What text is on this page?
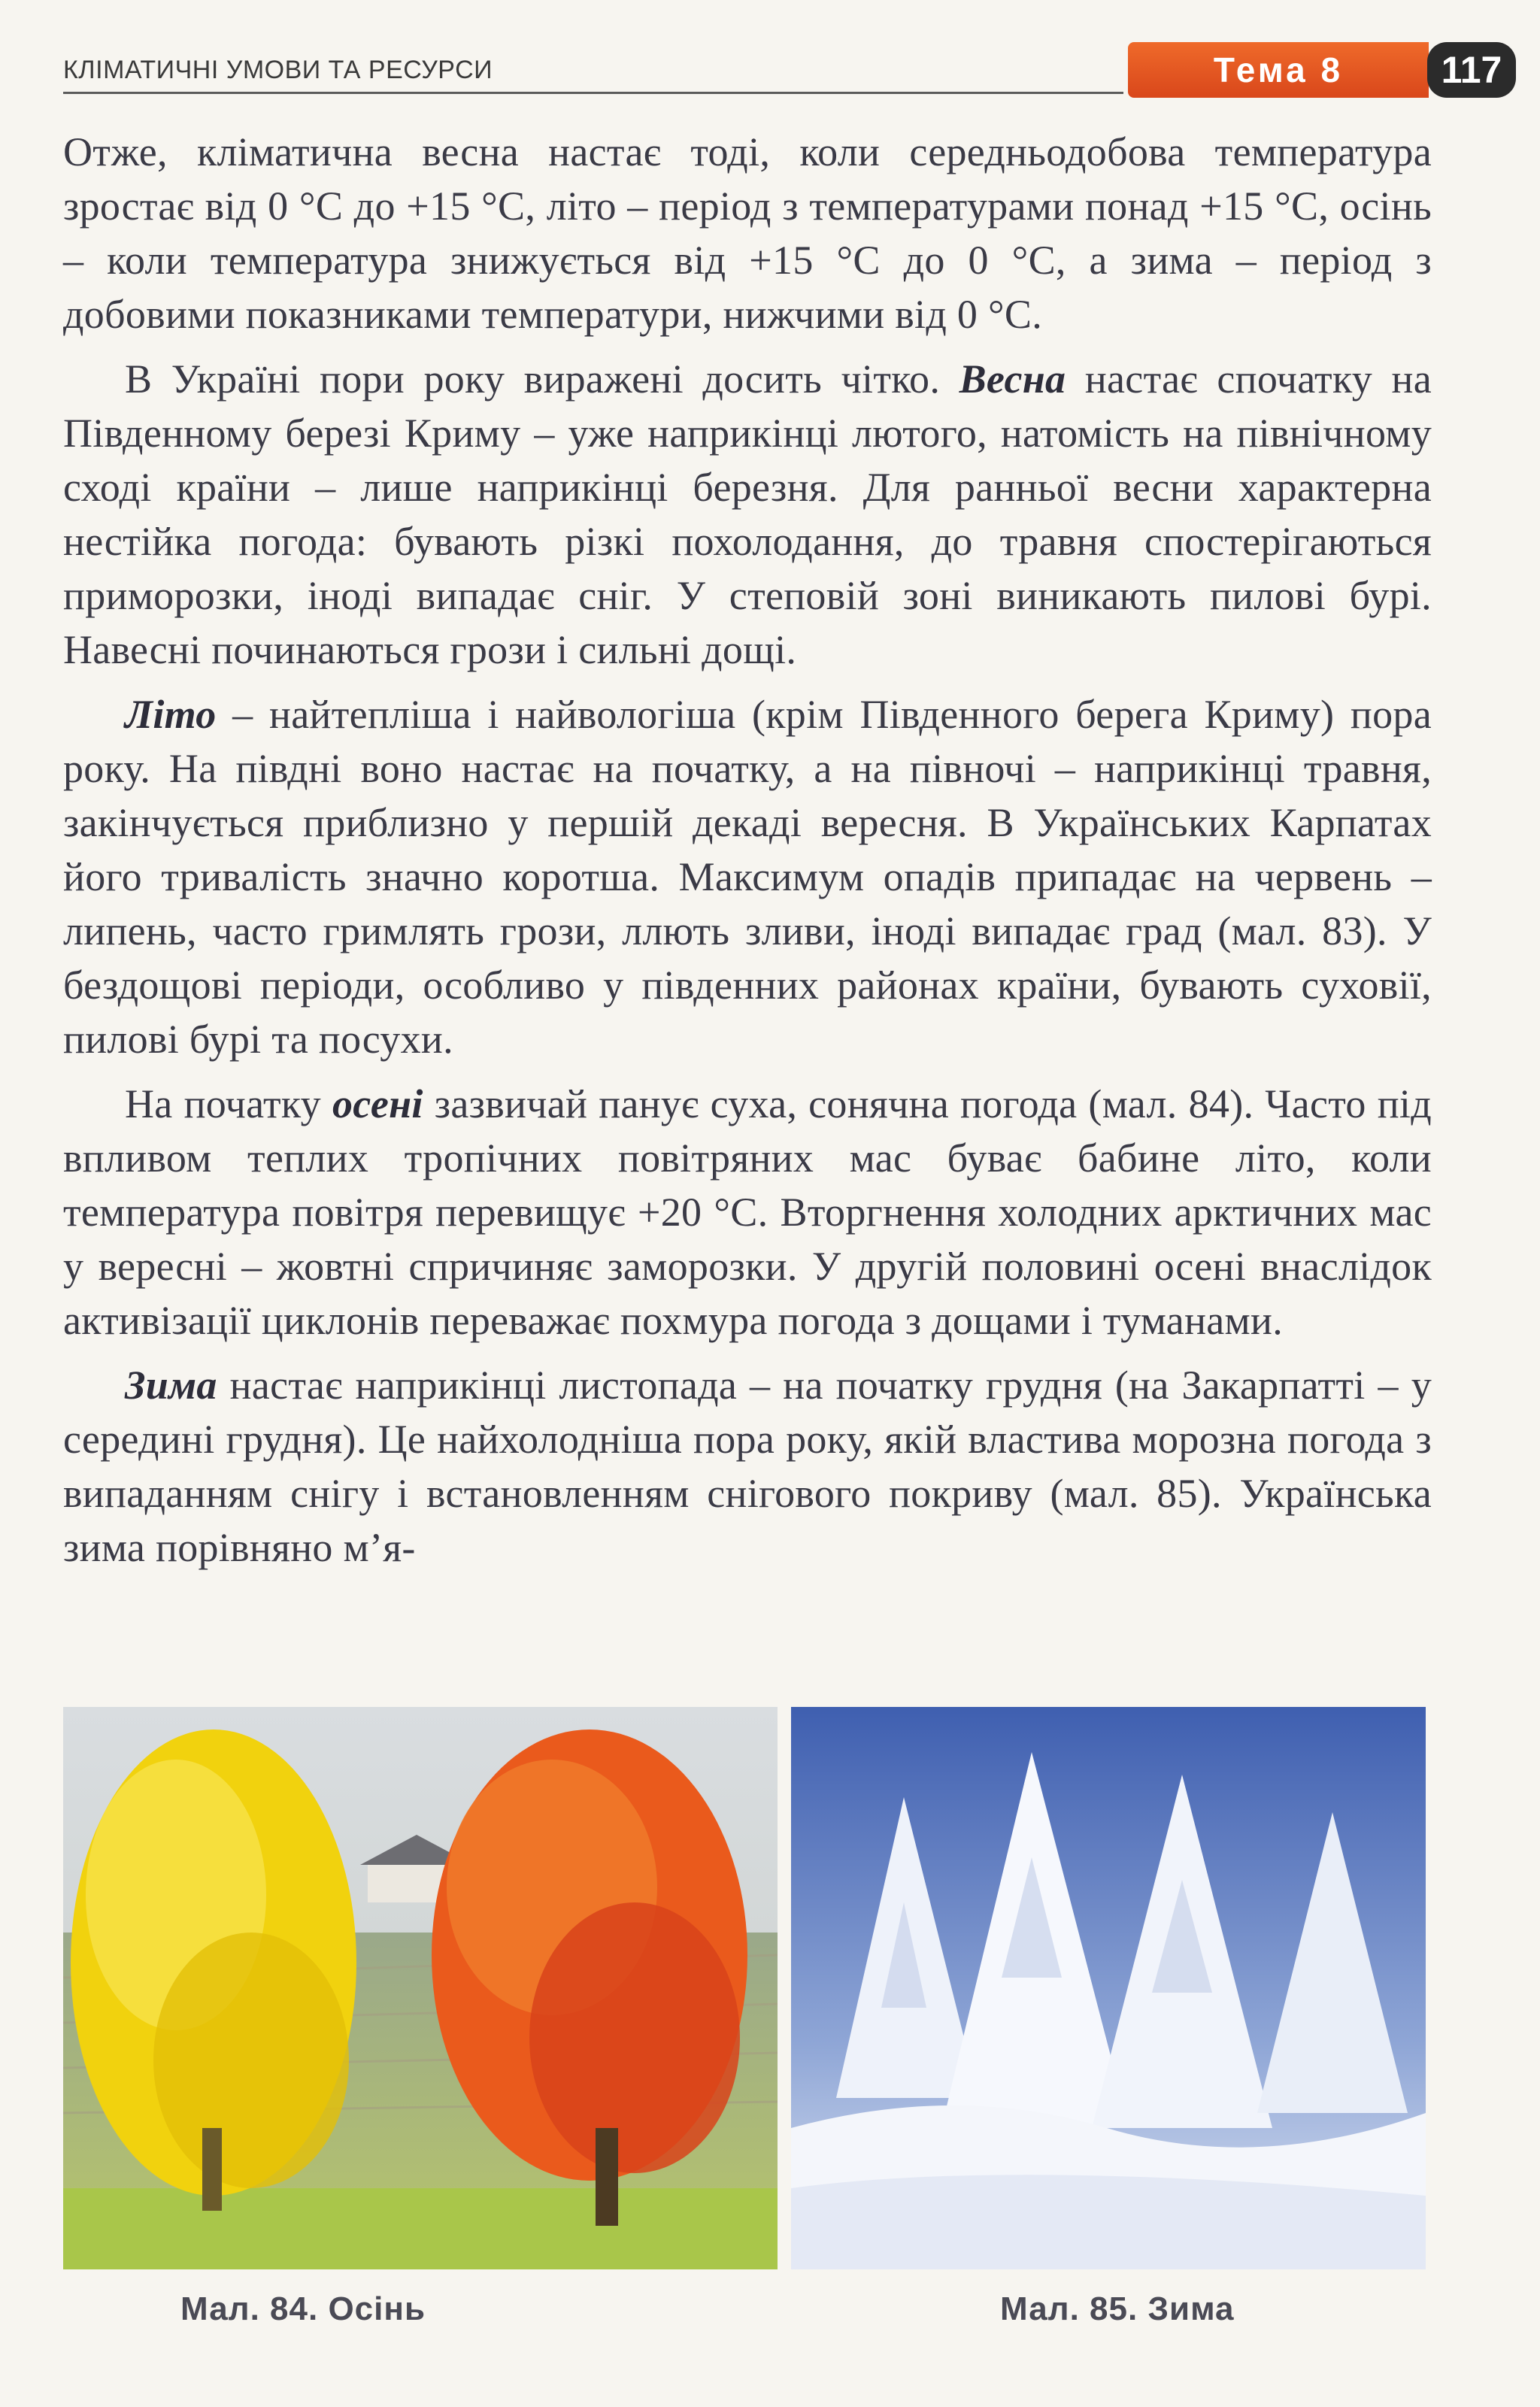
КЛІМАТИЧНІ УМОВИ ТА РЕСУРСИ	Тема 8	117

Отже, кліматична весна настає тоді, коли середньодобова температура зростає від 0 °С до +15 °С, літо – період з температурами понад +15 °С, осінь – коли температура знижується від +15 °С до 0 °С, а зима – період з добовими показниками температури, нижчими від 0 °С.

В Україні пори року виражені досить чітко. Весна настає спочатку на Південному березі Криму – уже наприкінці лютого, натомість на північному сході країни – лише наприкінці березня. Для ранньої весни характерна нестійка погода: бувають різкі похолодання, до травня спостерігаються приморозки, іноді випадає сніг. У степовій зоні виникають пилові бурі. Навесні починаються грози і сильні дощі.

Літо – найтепліша і найвологіша (крім Південного берега Криму) пора року. На півдні воно настає на початку, а на півночі – наприкінці травня, закінчується приблизно у першій декаді вересня. В Українських Карпатах його тривалість значно коротша. Максимум опадів припадає на червень – липень, часто гримлять грози, ллють зливи, іноді випадає град (мал. 83). У бездощові періоди, особливо у південних районах країни, бувають суховії, пилові бурі та посухи.

На початку осені зазвичай панує суха, сонячна погода (мал. 84). Часто під впливом теплих тропічних повітряних мас буває бабине літо, коли температура повітря перевищує +20 °С. Вторгнення холодних арктичних мас у вересні – жовтні спричиняє заморозки. У другій половині осені внаслідок активізації циклонів переважає похмура погода з дощами і туманами.

Зима настає наприкінці листопада – на початку грудня (на Закарпатті – у середині грудня). Це найхолодніша пора року, якій властива морозна погода з випаданням снігу і встановленням снігового покриву (мал. 85). Українська зима порівняно м’я-

Мал. 84. Осінь	Мал. 85. Зима
